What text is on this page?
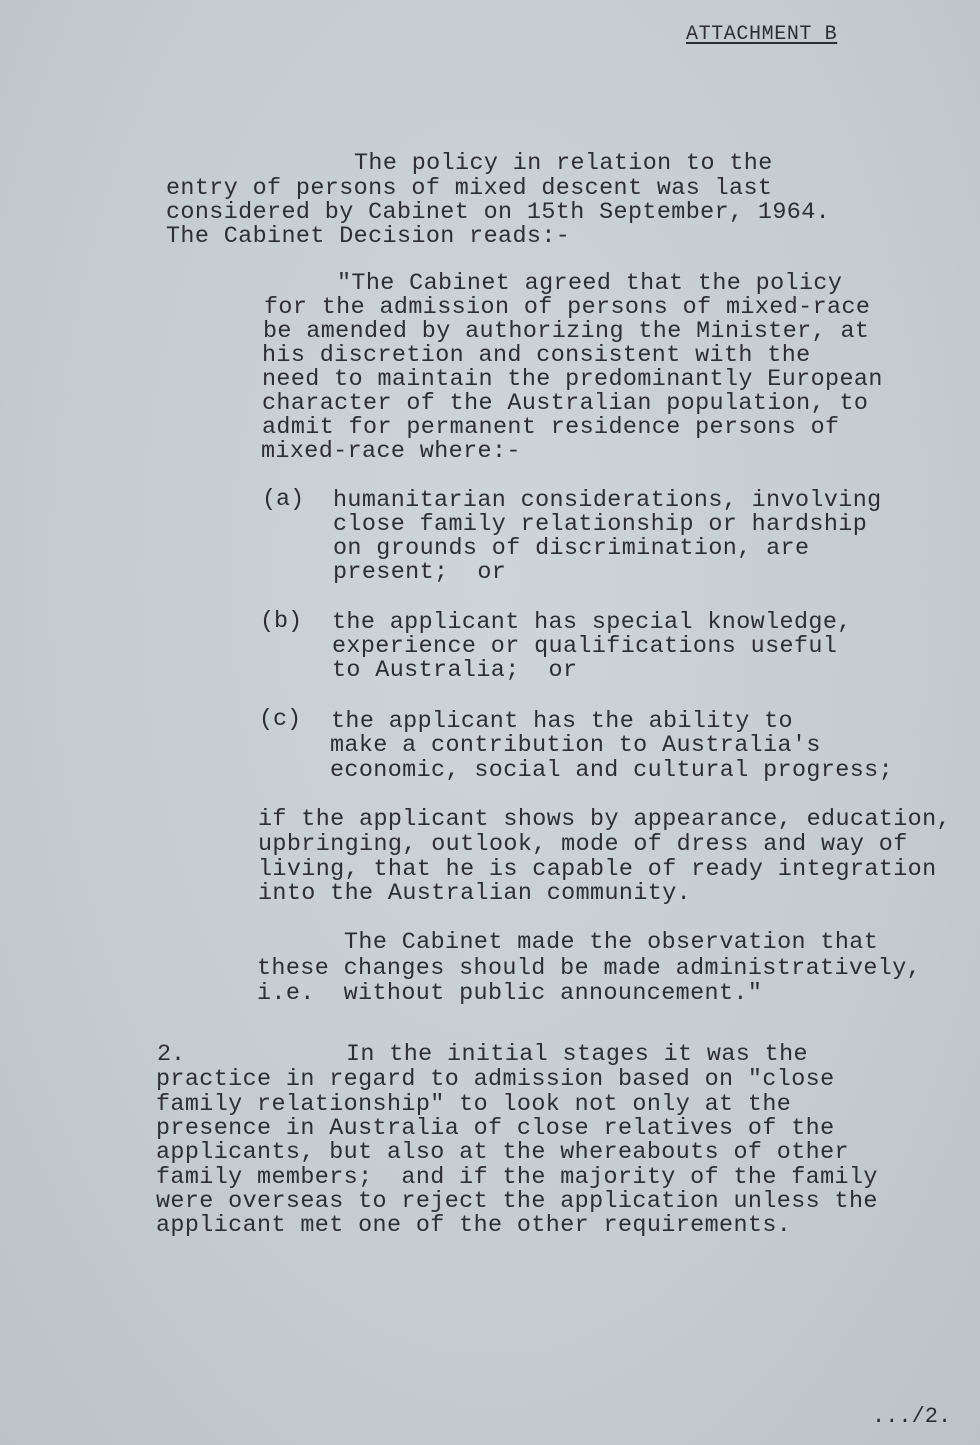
ATTACHMENT B
The policy in relation to the
entry of persons of mixed descent was last
considered by Cabinet on 15th September, 1964.
The Cabinet Decision reads:-
"The Cabinet agreed that the policy
for the admission of persons of mixed-race
be amended by authorizing the Minister, at
his discretion and consistent with the
need to maintain the predominantly European
character of the Australian population, to
admit for permanent residence persons of
mixed-race where:-
(a) humanitarian considerations, involving
close family relationship or hardship
on grounds of discrimination, are
present;  or
(b) the applicant has special knowledge,
experience or qualifications useful
to Australia;  or
(c) the applicant has the ability to
make a contribution to Australia's
economic, social and cultural progress;
if the applicant shows by appearance, education,
upbringing, outlook, mode of dress and way of
living, that he is capable of ready integration
into the Australian community.
The Cabinet made the observation that
these changes should be made administratively,
i.e.  without public announcement."
2.	In the initial stages it was the
practice in regard to admission based on "close
family relationship" to look not only at the
presence in Australia of close relatives of the
applicants, but also at the whereabouts of other
family members;  and if the majority of the family
were overseas to reject the application unless the
applicant met one of the other requirements.
.../2.
